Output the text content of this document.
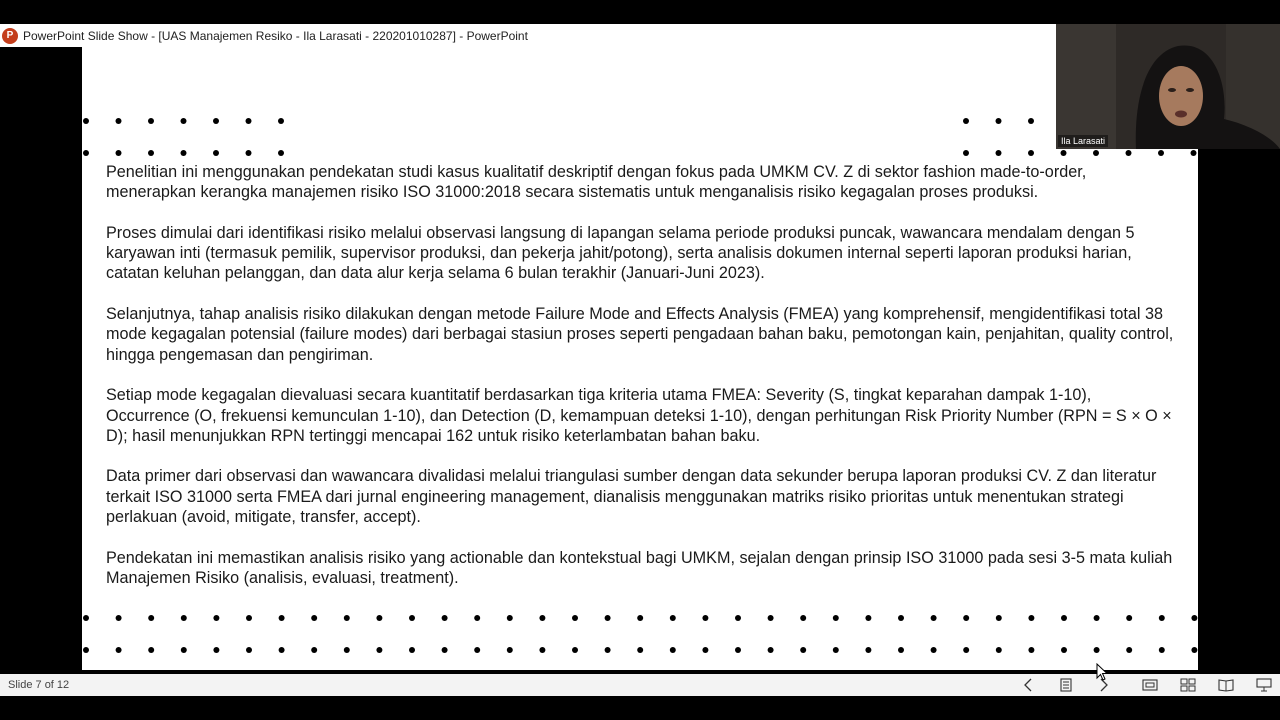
P PowerPoint Slide Show - [UAS Manajemen Resiko - Ila Larasati - 220201010287] - PowerPoint

Penelitian ini menggunakan pendekatan studi kasus kualitatif deskriptif dengan fokus pada UMKM CV. Z di sektor fashion made-to-order, menerapkan kerangka manajemen risiko ISO 31000:2018 secara sistematis untuk menganalisis risiko kegagalan proses produksi.

Proses dimulai dari identifikasi risiko melalui observasi langsung di lapangan selama periode produksi puncak, wawancara mendalam dengan 5 karyawan inti (termasuk pemilik, supervisor produksi, dan pekerja jahit/potong), serta analisis dokumen internal seperti laporan produksi harian, catatan keluhan pelanggan, dan data alur kerja selama 6 bulan terakhir (Januari-Juni 2023).

Selanjutnya, tahap analisis risiko dilakukan dengan metode Failure Mode and Effects Analysis (FMEA) yang komprehensif, mengidentifikasi total 38 mode kegagalan potensial (failure modes) dari berbagai stasiun proses seperti pengadaan bahan baku, pemotongan kain, penjahitan, quality control, hingga pengemasan dan pengiriman.

Setiap mode kegagalan dievaluasi secara kuantitatif berdasarkan tiga kriteria utama FMEA: Severity (S, tingkat keparahan dampak 1-10), Occurrence (O, frekuensi kemunculan 1-10), dan Detection (D, kemampuan deteksi 1-10), dengan perhitungan Risk Priority Number (RPN = S × O × D); hasil menunjukkan RPN tertinggi mencapai 162 untuk risiko keterlambatan bahan baku.

Data primer dari observasi dan wawancara divalidasi melalui triangulasi sumber dengan data sekunder berupa laporan produksi CV. Z dan literatur terkait ISO 31000 serta FMEA dari jurnal engineering management, dianalisis menggunakan matriks risiko prioritas untuk menentukan strategi perlakuan (avoid, mitigate, transfer, accept).

Pendekatan ini memastikan analisis risiko yang actionable dan kontekstual bagi UMKM, sejalan dengan prinsip ISO 31000 pada sesi 3-5 mata kuliah Manajemen Risiko (analisis, evaluasi, treatment).

Ila Larasati
Slide 7 of 12
